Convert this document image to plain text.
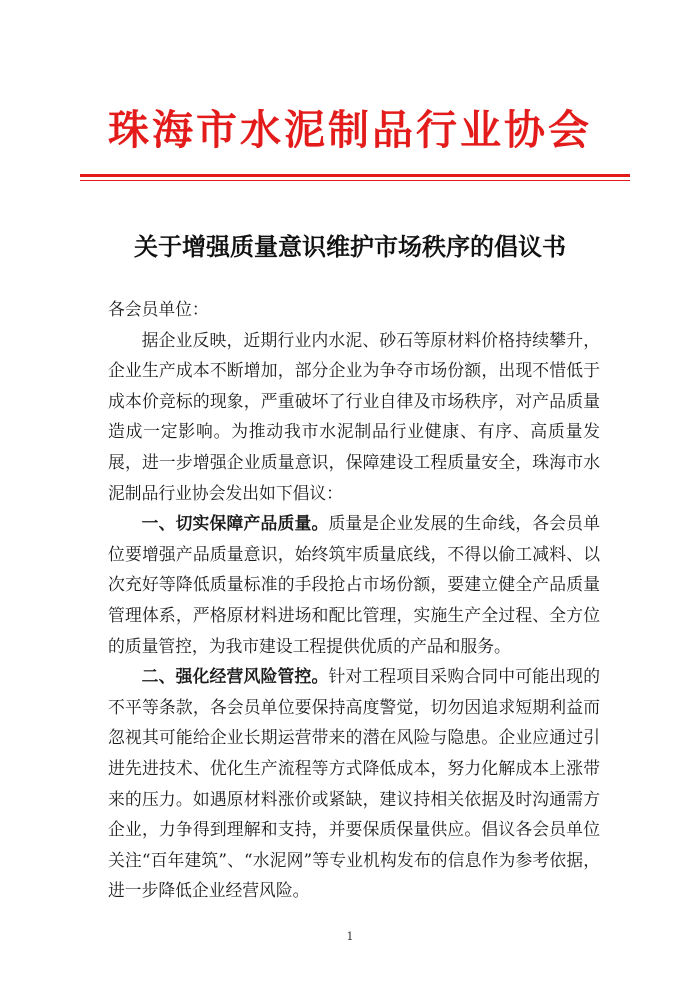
珠海市水泥制品行业协会
关于增强质量意识维护市场秩序的倡议书

各会员单位：

据企业反映，近期行业内水泥、砂石等原材料价格持续攀升，企业生产成本不断增加，部分企业为争夺市场份额，出现不惜低于成本价竞标的现象，严重破坏了行业自律及市场秩序，对产品质量造成一定影响。为推动我市水泥制品行业健康、有序、高质量发展，进一步增强企业质量意识，保障建设工程质量安全，珠海市水泥制品行业协会发出如下倡议：

一、切实保障产品质量。质量是企业发展的生命线，各会员单位要增强产品质量意识，始终筑牢质量底线，不得以偷工减料、以次充好等降低质量标准的手段抢占市场份额，要建立健全产品质量管理体系，严格原材料进场和配比管理，实施生产全过程、全方位的质量管控，为我市建设工程提供优质的产品和服务。

二、强化经营风险管控。针对工程项目采购合同中可能出现的不平等条款，各会员单位要保持高度警觉，切勿因追求短期利益而忽视其可能给企业长期运营带来的潜在风险与隐患。企业应通过引进先进技术、优化生产流程等方式降低成本，努力化解成本上涨带来的压力。如遇原材料涨价或紧缺，建议持相关依据及时沟通需方企业，力争得到理解和支持，并要保质保量供应。倡议各会员单位关注“百年建筑”、“水泥网”等专业机构发布的信息作为参考依据，进一步降低企业经营风险。

1
